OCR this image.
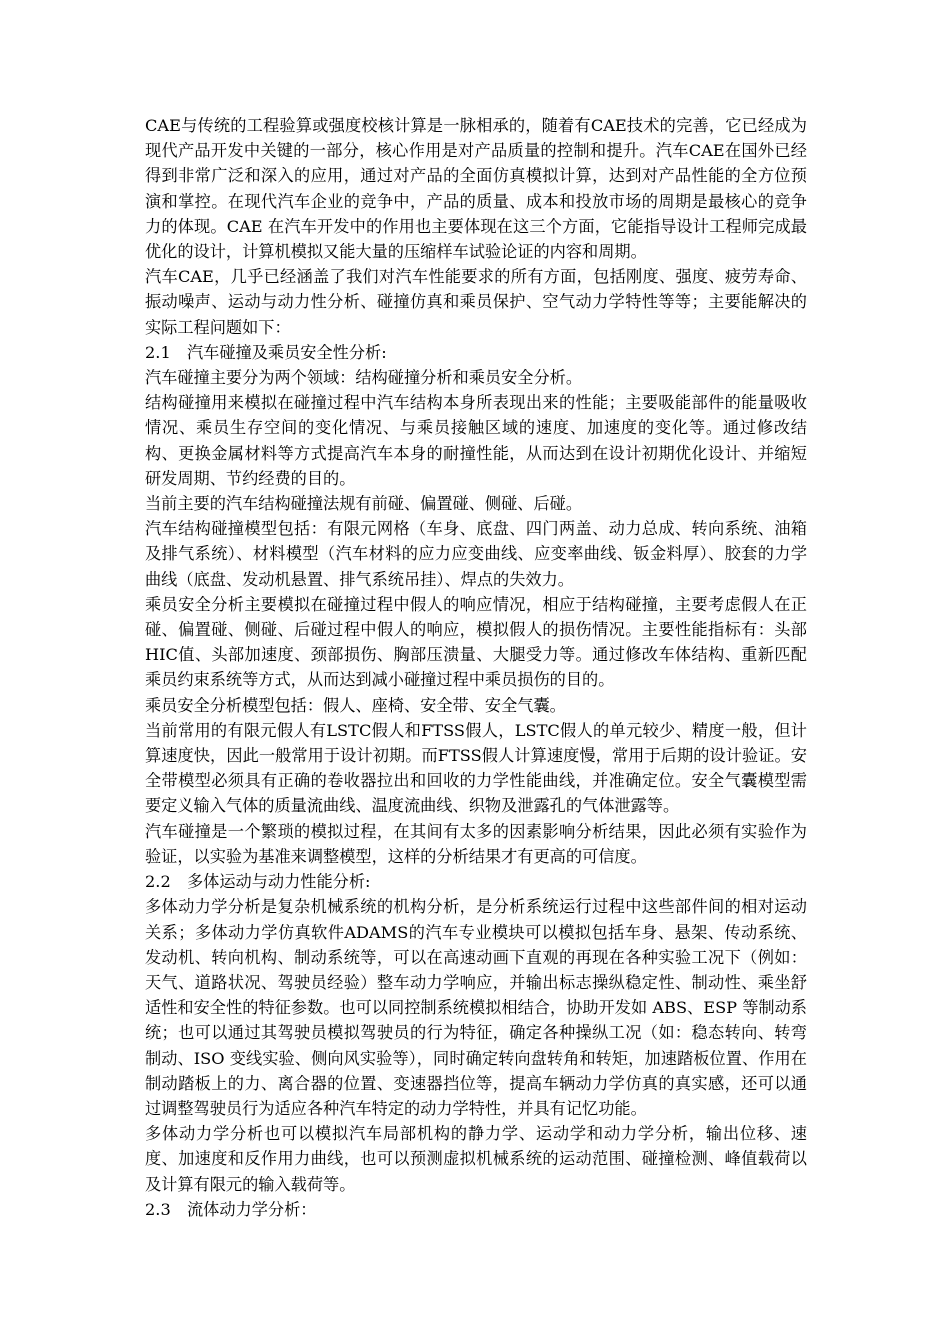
CAE与传统的工程验算或强度校核计算是一脉相承的，随着有CAE技术的完善，它已经成为现代产品开发中关键的一部分，核心作用是对产品质量的控制和提升。汽车CAE在国外已经得到非常广泛和深入的应用，通过对产品的全面仿真模拟计算，达到对产品性能的全方位预演和掌控。在现代汽车企业的竞争中，产品的质量、成本和投放市场的周期是最核心的竞争力的体现。CAE 在汽车开发中的作用也主要体现在这三个方面，它能指导设计工程师完成最优化的设计，计算机模拟又能大量的压缩样车试验论证的内容和周期。

汽车CAE，几乎已经涵盖了我们对汽车性能要求的所有方面，包括刚度、强度、疲劳寿命、振动噪声、运动与动力性分析、碰撞仿真和乘员保护、空气动力学特性等等；主要能解决的实际工程问题如下：

2.1 汽车碰撞及乘员安全性分析:

汽车碰撞主要分为两个领域：结构碰撞分析和乘员安全分析。

结构碰撞用来模拟在碰撞过程中汽车结构本身所表现出来的性能；主要吸能部件的能量吸收情况、乘员生存空间的变化情况、与乘员接触区域的速度、加速度的变化等。通过修改结构、更换金属材料等方式提高汽车本身的耐撞性能，从而达到在设计初期优化设计、并缩短研发周期、节约经费的目的。

当前主要的汽车结构碰撞法规有前碰、偏置碰、侧碰、后碰。

汽车结构碰撞模型包括：有限元网格（车身、底盘、四门两盖、动力总成、转向系统、油箱及排气系统）、材料模型（汽车材料的应力应变曲线、应变率曲线、钣金料厚）、胶套的力学曲线（底盘、发动机悬置、排气系统吊挂）、焊点的失效力。

乘员安全分析主要模拟在碰撞过程中假人的响应情况，相应于结构碰撞，主要考虑假人在正碰、偏置碰、侧碰、后碰过程中假人的响应，模拟假人的损伤情况。主要性能指标有：头部HIC值、头部加速度、颈部损伤、胸部压溃量、大腿受力等。通过修改车体结构、重新匹配乘员约束系统等方式，从而达到减小碰撞过程中乘员损伤的目的。

乘员安全分析模型包括：假人、座椅、安全带、安全气囊。

当前常用的有限元假人有LSTC假人和FTSS假人，LSTC假人的单元较少、精度一般，但计算速度快，因此一般常用于设计初期。而FTSS假人计算速度慢，常用于后期的设计验证。安全带模型必须具有正确的卷收器拉出和回收的力学性能曲线，并准确定位。安全气囊模型需要定义输入气体的质量流曲线、温度流曲线、织物及泄露孔的气体泄露等。

汽车碰撞是一个繁琐的模拟过程，在其间有太多的因素影响分析结果，因此必须有实验作为验证，以实验为基准来调整模型，这样的分析结果才有更高的可信度。

2.2 多体运动与动力性能分析:

多体动力学分析是复杂机械系统的机构分析，是分析系统运行过程中这些部件间的相对运动关系；多体动力学仿真软件ADAMS的汽车专业模块可以模拟包括车身、悬架、传动系统、发动机、转向机构、制动系统等，可以在高速动画下直观的再现在各种实验工况下（例如：天气、道路状况、驾驶员经验）整车动力学响应，并输出标志操纵稳定性、制动性、乘坐舒适性和安全性的特征参数。也可以同控制系统模拟相结合，协助开发如 ABS、ESP 等制动系统；也可以通过其驾驶员模拟驾驶员的行为特征，确定各种操纵工况（如：稳态转向、转弯制动、ISO 变线实验、侧向风实验等），同时确定转向盘转角和转矩，加速踏板位置、作用在制动踏板上的力、离合器的位置、变速器挡位等，提高车辆动力学仿真的真实感，还可以通过调整驾驶员行为适应各种汽车特定的动力学特性，并具有记忆功能。

多体动力学分析也可以模拟汽车局部机构的静力学、运动学和动力学分析，输出位移、速度、加速度和反作用力曲线，也可以预测虚拟机械系统的运动范围、碰撞检测、峰值载荷以及计算有限元的输入载荷等。

2.3 流体动力学分析：
